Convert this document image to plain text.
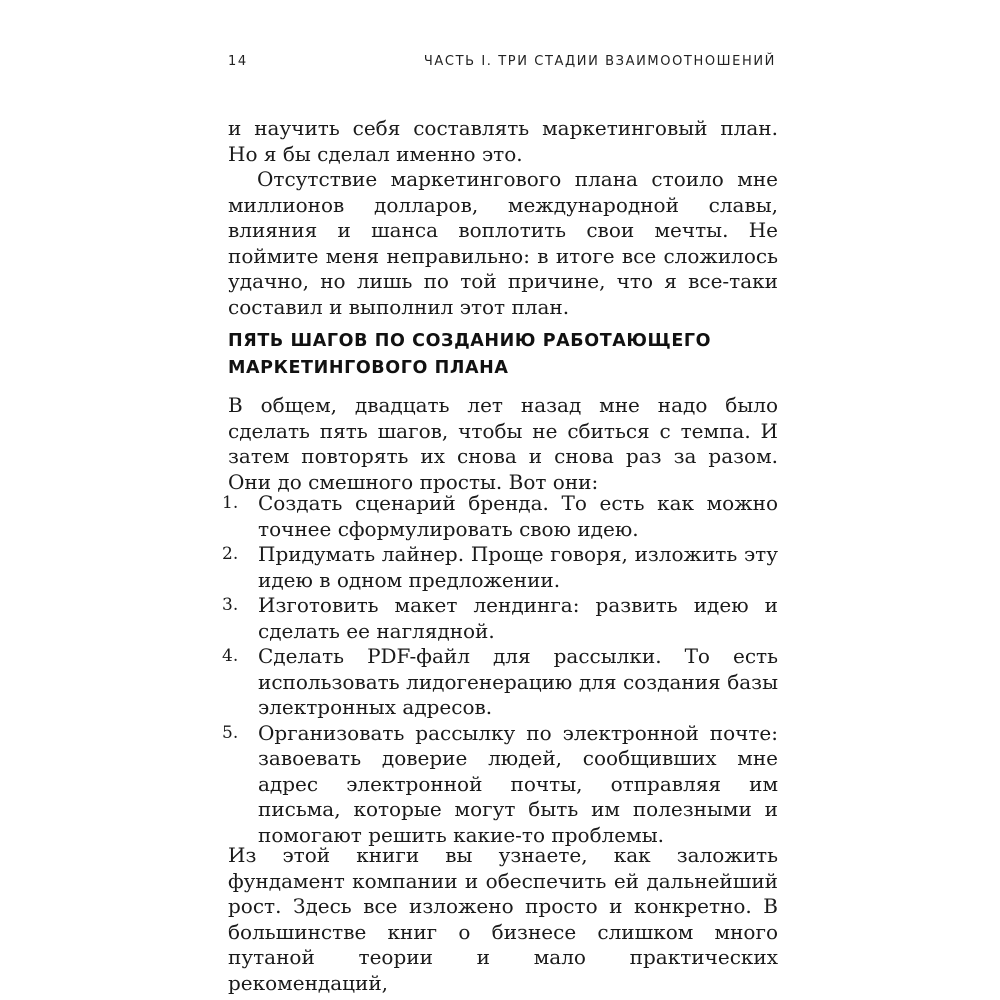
14	ЧАСТЬ I. ТРИ СТАДИИ ВЗАИМООТНОШЕНИЙ

и научить себя составлять маркетинговый план. Но я бы сделал именно это.

Отсутствие маркетингового плана стоило мне миллионов долларов, международной славы, влияния и шанса воплотить свои мечты. Не поймите меня неправильно: в итоге все сложилось удачно, но лишь по той причине, что я все-таки составил и выполнил этот план.

ПЯТЬ ШАГОВ ПО СОЗДАНИЮ РАБОТАЮЩЕГО МАРКЕТИНГОВОГО ПЛАНА

В общем, двадцать лет назад мне надо было сделать пять шагов, чтобы не сбиться с темпа. И затем повторять их снова и снова раз за разом. Они до смешного просты. Вот они:

1. Создать сценарий бренда. То есть как можно точнее сформулировать свою идею.
2. Придумать лайнер. Проще говоря, изложить эту идею в одном предложении.
3. Изготовить макет лендинга: развить идею и сделать ее наглядной.
4. Сделать PDF-файл для рассылки. То есть использовать лидогенерацию для создания базы электронных адресов.
5. Организовать рассылку по электронной почте: завоевать доверие людей, сообщивших мне адрес электронной почты, отправляя им письма, которые могут быть им полезными и помогают решить какие-то проблемы.

Из этой книги вы узнаете, как заложить фундамент компании и обеспечить ей дальнейший рост. Здесь все изложено просто и конкретно. В большинстве книг о бизнесе слишком много путаной теории и мало практических рекомендаций,
